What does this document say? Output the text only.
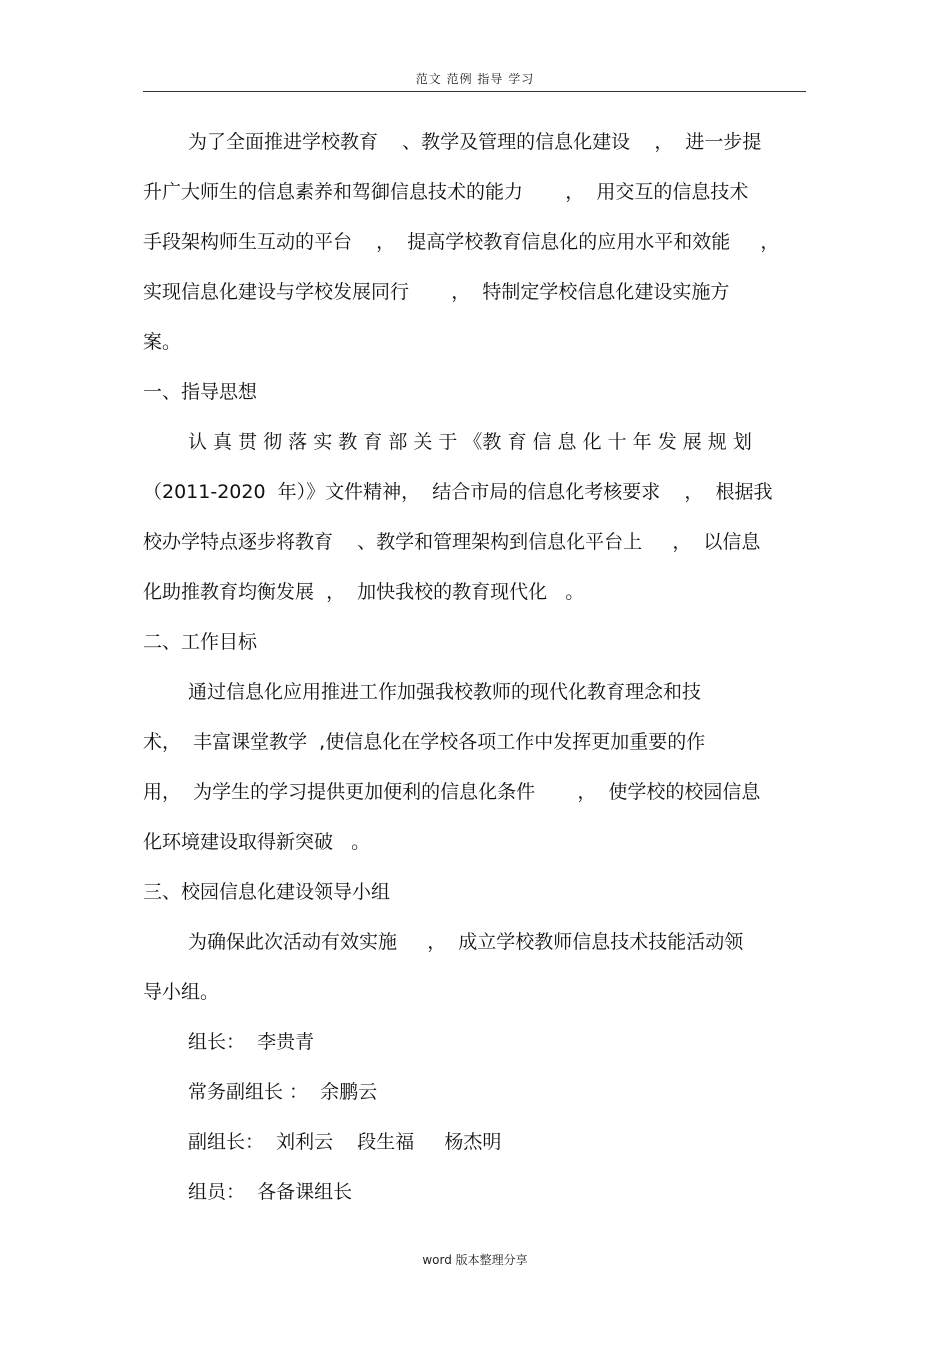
范文 范例 指导 学习
为了全面推进学校教育    、教学及管理的信息化建设    ，  进一步提
升广大师生的信息素养和驾御信息技术的能力       ，  用交互的信息技术
手段架构师生互动的平台    ，  提高学校教育信息化的应用水平和效能     ，
实现信息化建设与学校发展同行       ，  特制定学校信息化建设实施方
案。
一、指导思想
认 真 贯 彻 落 实 教 育 部 关 于 《教 育 信 息 化 十 年 发 展 规 划
（2011-2020  年）》文件精神，  结合市局的信息化考核要求    ，  根据我
校办学特点逐步将教育    、教学和管理架构到信息化平台上     ，  以信息
化助推教育均衡发展  ，  加快我校的教育现代化   。
二、工作目标
通过信息化应用推进工作加强我校教师的现代化教育理念和技
术，  丰富课堂教学  ,使信息化在学校各项工作中发挥更加重要的作
用，  为学生的学习提供更加便利的信息化条件       ，  使学校的校园信息
化环境建设取得新突破   。
三、校园信息化建设领导小组
为确保此次活动有效实施     ，  成立学校教师信息技术技能活动领
导小组。
组长：  李贵青
常务副组长 ：  余鹏云
副组长：  刘利云    段生福     杨杰明
组员：  各备课组长
word 版本整理分享
